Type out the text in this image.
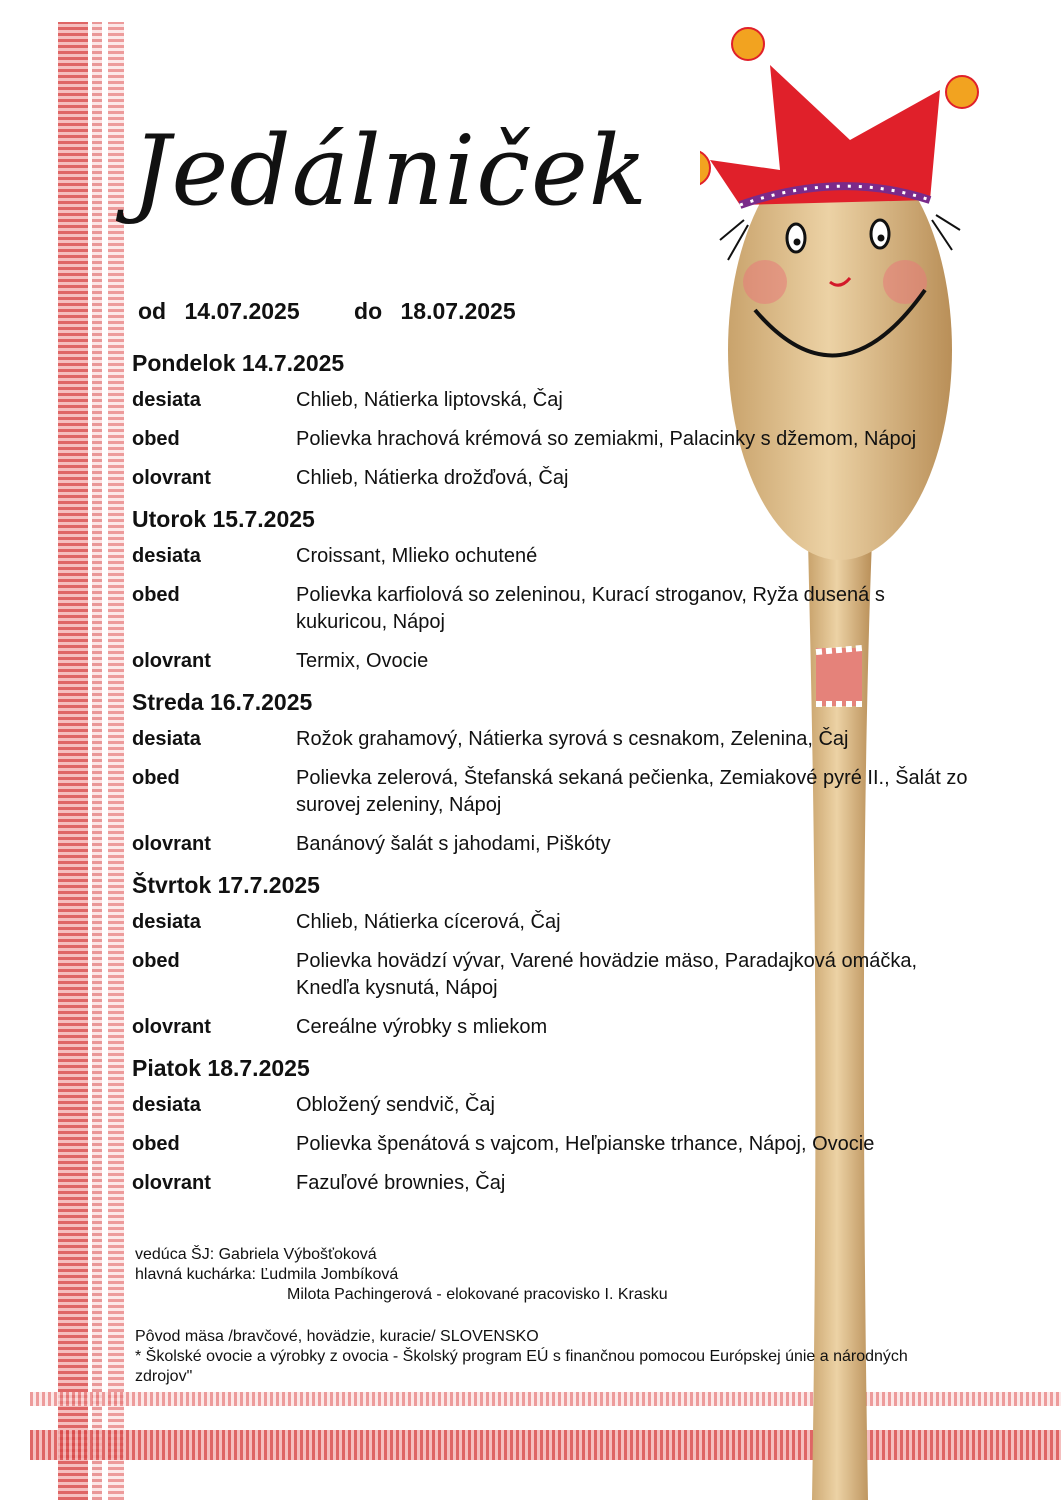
Jedálniček
od 14.07.2025 do 18.07.2025
Pondelok 14.7.2025
desiata	Chlieb, Nátierka liptovská, Čaj
obed	Polievka hrachová krémová so zemiakmi, Palacinky s džemom, Nápoj
olovrant	Chlieb, Nátierka drožďová, Čaj
Utorok 15.7.2025
desiata	Croissant, Mlieko ochutené
obed	Polievka karfiolová so zeleninou, Kurací stroganov, Ryža dusená s kukuricou, Nápoj
olovrant	Termix, Ovocie
Streda 16.7.2025
desiata	Rožok grahamový, Nátierka syrová s cesnakom, Zelenina, Čaj
obed	Polievka zelerová, Štefanská sekaná pečienka, Zemiakové pyré II., Šalát zo surovej zeleniny, Nápoj
olovrant	Banánový šalát s jahodami, Piškóty
Štvrtok 17.7.2025
desiata	Chlieb, Nátierka cícerová, Čaj
obed	Polievka hovädzí vývar, Varené hovädzie mäso, Paradajková omáčka, Knedľa kysnutá, Nápoj
olovrant	Cereálne výrobky s mliekom
Piatok 18.7.2025
desiata	Obložený sendvič, Čaj
obed	Polievka špenátová s vajcom, Heľpianske trhance, Nápoj, Ovocie
olovrant	Fazuľové brownies, Čaj

vedúca ŠJ: Gabriela Výbošťoková

hlavná kuchárka: Ľudmila Jombíková

Milota Pachingerová - elokované pracovisko I. Krasku

Pôvod mäsa /bravčové, hovädzie, kuracie/ SLOVENSKO

* Školské ovocie a výrobky z ovocia - Školský program EÚ s finančnou pomocou Európskej únie a národných zdrojov"
